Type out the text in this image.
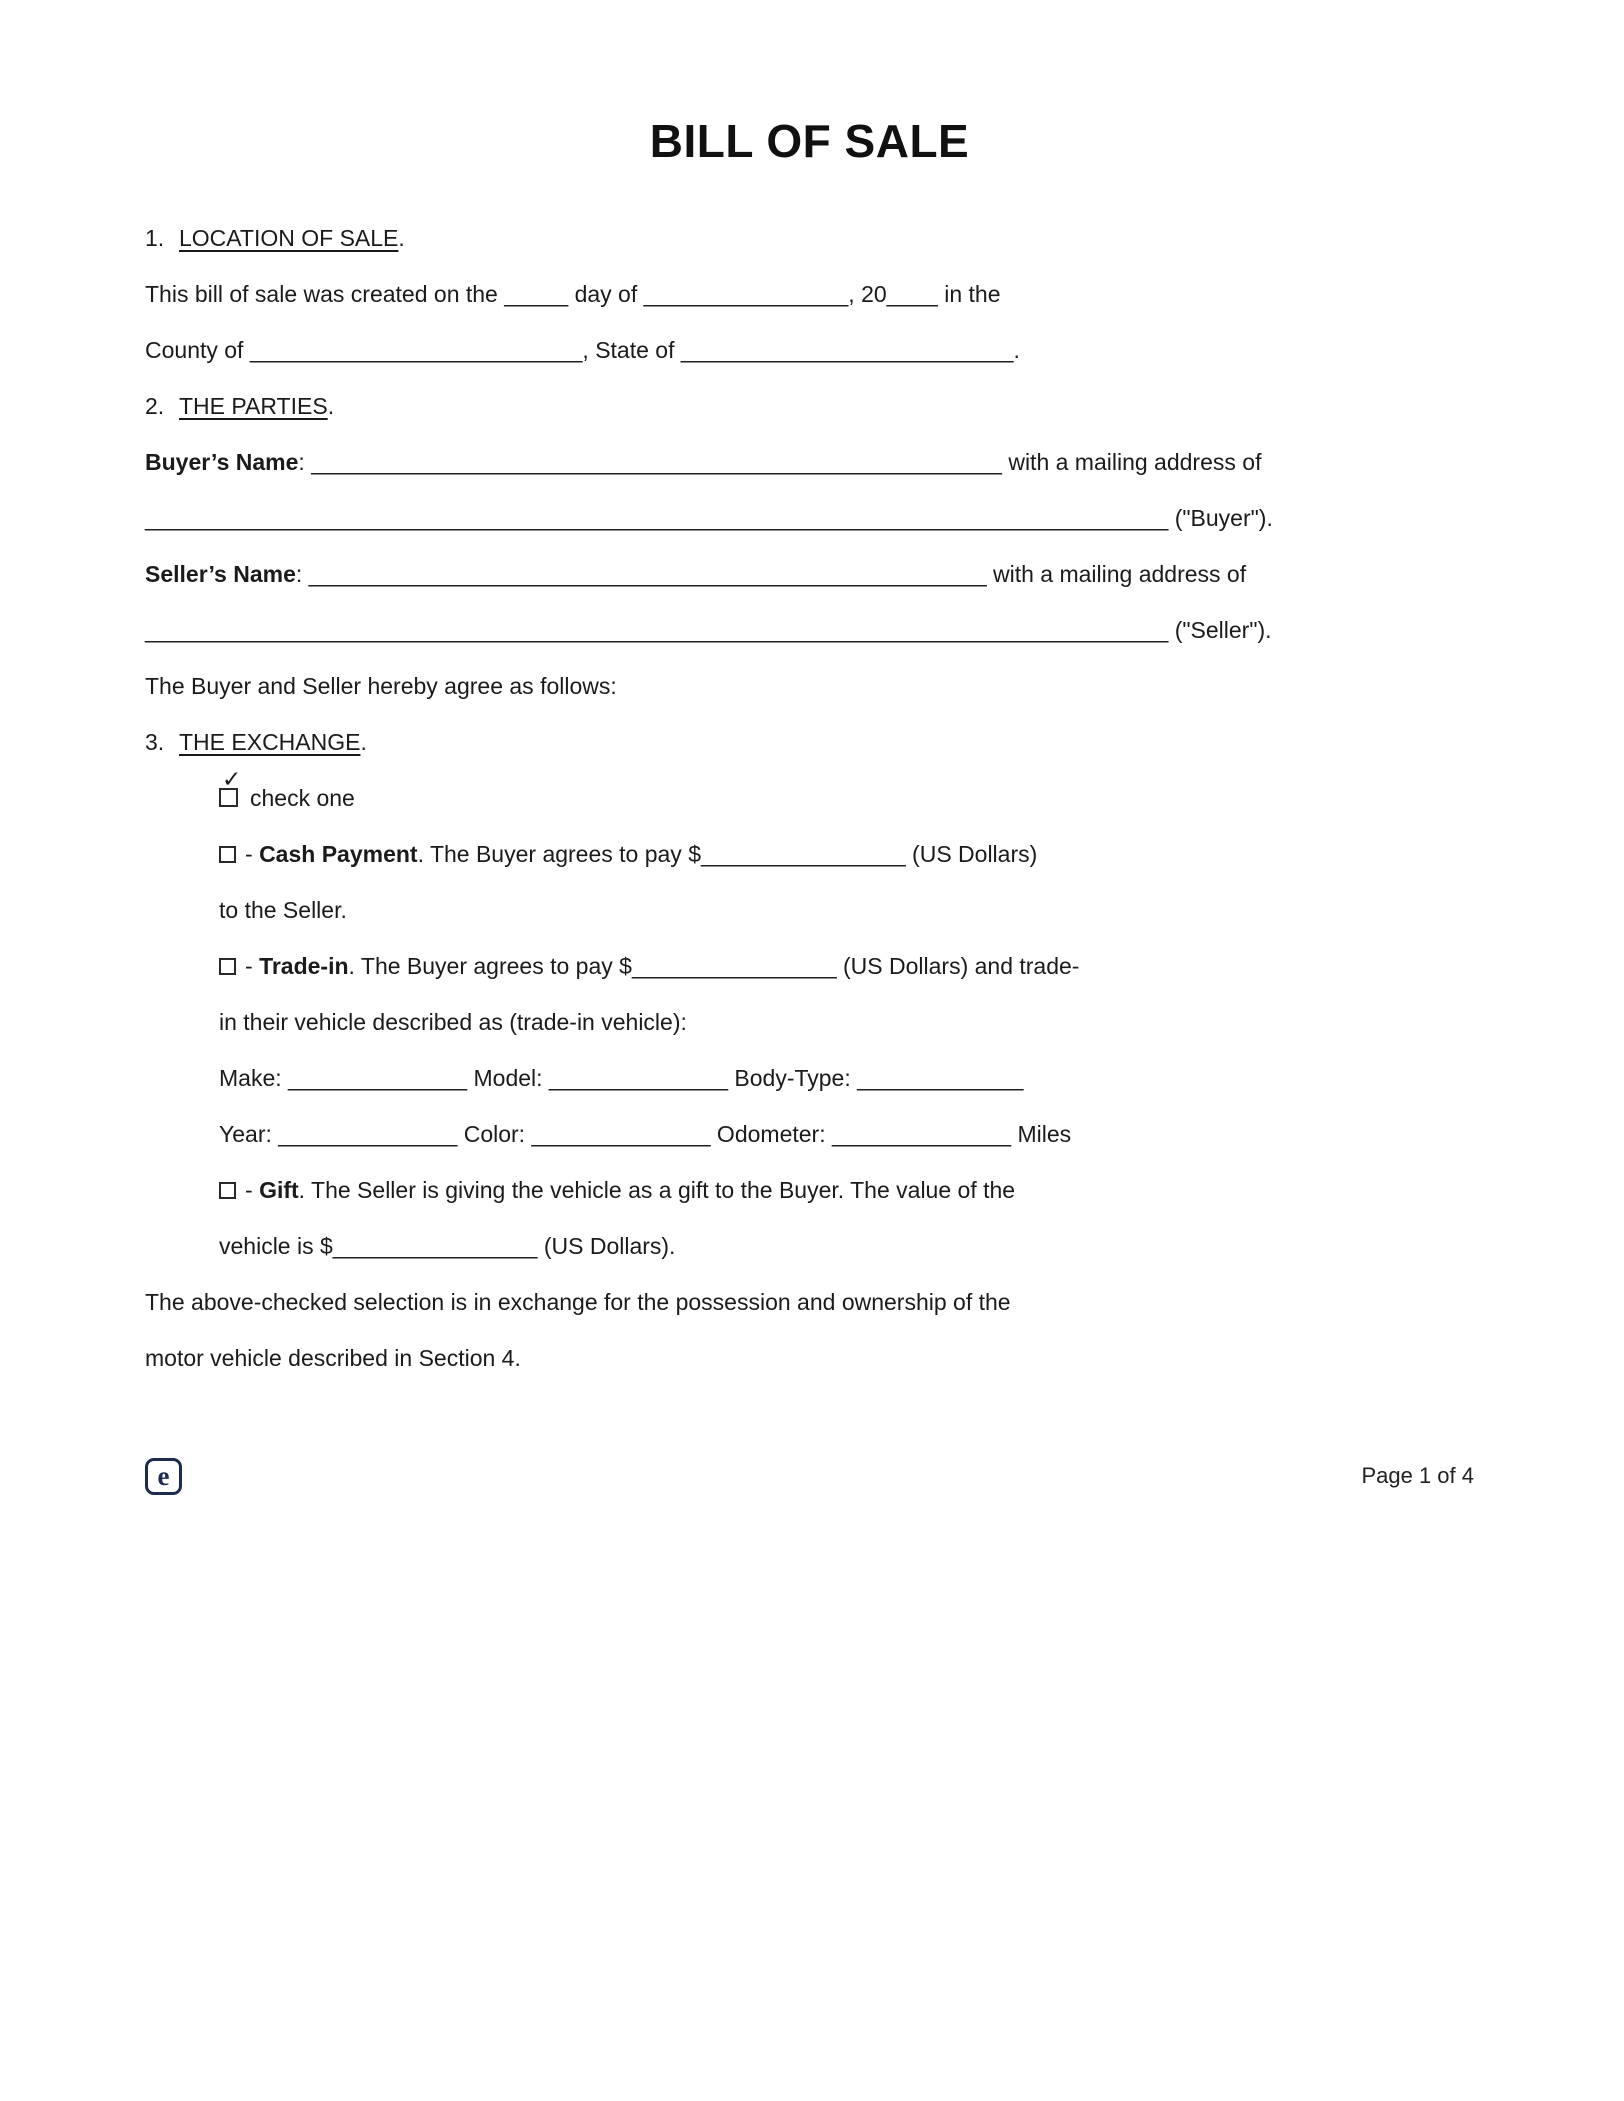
BILL OF SALE
1. LOCATION OF SALE.
This bill of sale was created on the _____ day of ________________, 20____ in the
County of __________________________, State of __________________________.
2. THE PARTIES.
Buyer’s Name: ______________________________________________________ with a mailing address of
________________________________________________________________________________ ("Buyer").
Seller’s Name: _____________________________________________________ with a mailing address of
________________________________________________________________________________ ("Seller").
The Buyer and Seller hereby agree as follows:
3. THE EXCHANGE.
✓
check one
- Cash Payment. The Buyer agrees to pay $________________ (US Dollars)
to the Seller.
- Trade-in. The Buyer agrees to pay $________________ (US Dollars) and trade-
in their vehicle described as (trade-in vehicle):
Make: ______________ Model: ______________ Body-Type: _____________
Year: ______________ Color: ______________ Odometer: ______________ Miles
- Gift. The Seller is giving the vehicle as a gift to the Buyer. The value of the
vehicle is $________________ (US Dollars).
The above-checked selection is in exchange for the possession and ownership of the
motor vehicle described in Section 4.
e	Page 1 of 4
